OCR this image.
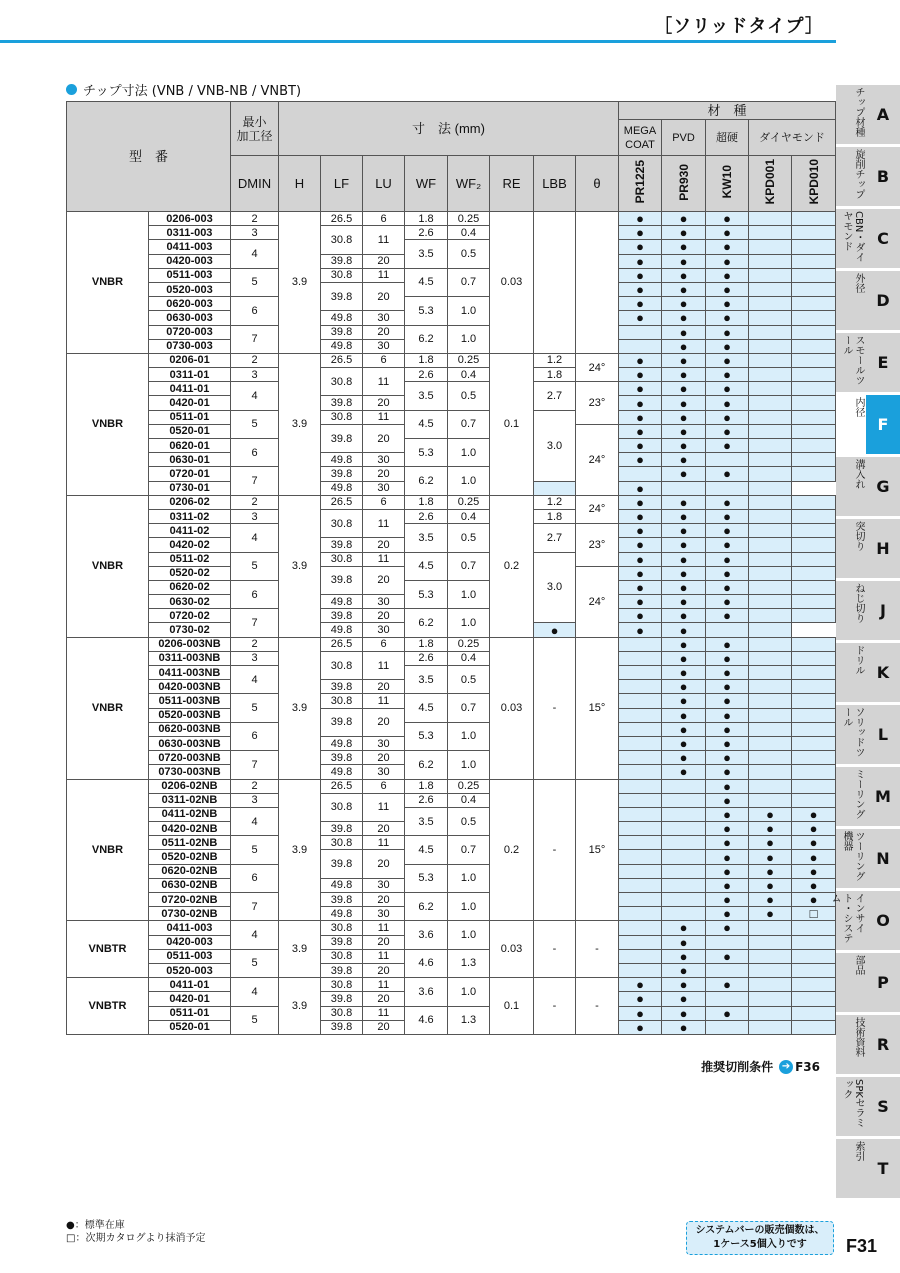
［ソリッドタイプ］
チップ寸法 (VNB / VNB-NB / VNBT)
型　番		最小
加工径	寸　法 (mm)								材　種				
											MEGA
COAT	PVD	超硬	ダイヤモンド	
		DMIN	H	LF	LU	WF	WF₂	RE	LBB	θ	PR1225	PR930	KW10	KPD001	KPD010
VNBR	0206-003	2	3.9	26.5	6	1.8	0.25	0.03			●	●	●		
	0311-003	3		30.8	11	2.6	0.4				●	●	●		
	0411-003	4				3.5	0.5				●	●	●		
	0420-003			39.8	20						●	●	●		
	0511-003	5		30.8	11	4.5	0.7				●	●	●		
	0520-003			39.8	20						●	●	●		
	0620-003	6				5.3	1.0				●	●	●		
	0630-003			49.8	30						●	●	●		
	0720-003	7		39.8	20	6.2	1.0					●	●		
	0730-003			49.8	30							●	●		
VNBR	0206-01	2	3.9	26.5	6	1.8	0.25	0.1	1.2	24°	●	●	●		
	0311-01	3		30.8	11	2.6	0.4		1.8		●	●	●		
	0411-01	4				3.5	0.5		2.7	23°	●	●	●		
	0420-01			39.8	20						●	●	●		
	0511-01	5		30.8	11	4.5	0.7		3.0		●	●	●		
	0520-01			39.8	20					24°	●	●	●		
	0620-01	6				5.3	1.0				●	●	●		
	0630-01			49.8	30						●	●			
	0720-01	7		39.8	20	6.2	1.0					●	●		
	0730-01			49.8	30						●				
VNBR	0206-02	2	3.9	26.5	6	1.8	0.25	0.2	1.2	24°	●	●	●		
	0311-02	3		30.8	11	2.6	0.4		1.8		●	●	●		
	0411-02	4				3.5	0.5		2.7	23°	●	●	●		
	0420-02			39.8	20						●	●	●		
	0511-02	5		30.8	11	4.5	0.7		3.0		●	●	●		
	0520-02			39.8	20					24°	●	●	●		
	0620-02	6				5.3	1.0				●	●	●		
	0630-02			49.8	30						●	●	●		
	0720-02	7		39.8	20	6.2	1.0				●	●	●		
	0730-02			49.8	30				●		●	●			
VNBR	0206-003NB	2	3.9	26.5	6	1.8	0.25	0.03	-	15°		●	●		
	0311-003NB	3		30.8	11	2.6	0.4					●	●		
	0411-003NB	4				3.5	0.5					●	●		
	0420-003NB			39.8	20							●	●		
	0511-003NB	5		30.8	11	4.5	0.7					●	●		
	0520-003NB			39.8	20							●	●		
	0620-003NB	6				5.3	1.0					●	●		
	0630-003NB			49.8	30							●	●		
	0720-003NB	7		39.8	20	6.2	1.0					●	●		
	0730-003NB			49.8	30							●	●		
VNBR	0206-02NB	2	3.9	26.5	6	1.8	0.25	0.2	-	15°			●		
	0311-02NB	3		30.8	11	2.6	0.4						●		
	0411-02NB	4				3.5	0.5						●	●	●
	0420-02NB			39.8	20								●	●	●
	0511-02NB	5		30.8	11	4.5	0.7						●	●	●
	0520-02NB			39.8	20								●	●	●
	0620-02NB	6				5.3	1.0						●	●	●
	0630-02NB			49.8	30								●	●	●
	0720-02NB	7		39.8	20	6.2	1.0						●	●	●
	0730-02NB			49.8	30								●	●	□
VNBTR	0411-003	4	3.9	30.8	11	3.6	1.0	0.03	-	-		●	●		
	0420-003			39.8	20							●			
	0511-003	5		30.8	11	4.6	1.3					●	●		
	0520-003			39.8	20							●			
VNBTR	0411-01	4	3.9	30.8	11	3.6	1.0	0.1	-	-	●	●	●		
	0420-01			39.8	20						●	●			
	0511-01	5		30.8	11	4.6	1.3				●	●	●		
	0520-01			39.8	20						●	●			
推奨切削条件 ➔ F36
チップ材種 A
旋削チップ B
CBN・ダイヤモンド	C
外径
D
スモールツール
E
内径
F
溝入れ G
突切り H
ねじ切り	J
ドリル K
ソリッドツール
L
ミーリング M
ツーリング機器
N
インサイト・システム
O
部品
P
技術資料 R
SPKセラミック
S
索引
T
●：標準在庫
□：次期カタログより抹消予定
システムバーの販売個数は、
1ケース5個入りです	F31
